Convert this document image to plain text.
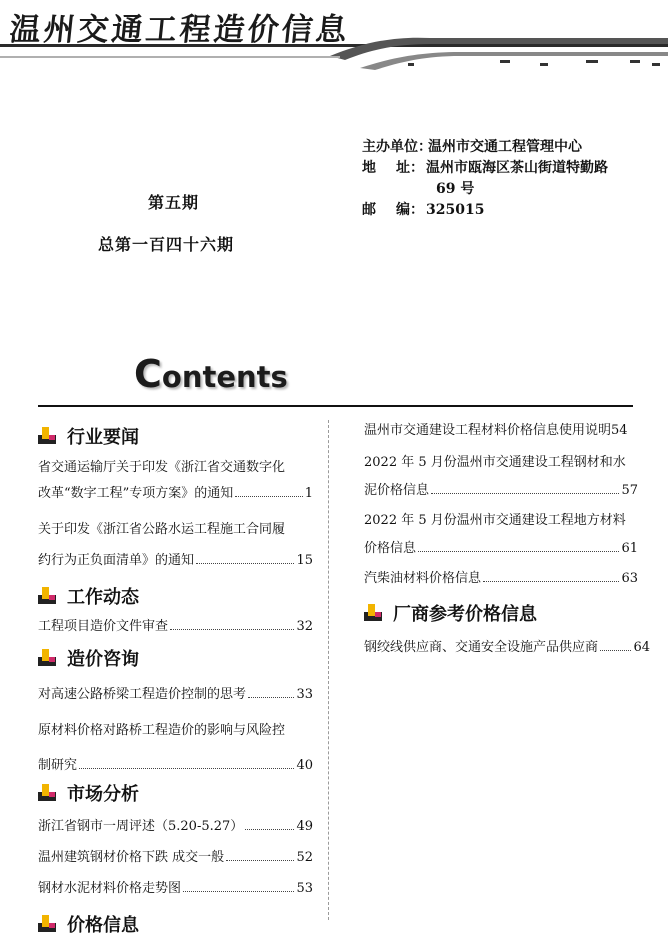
温州交通工程造价信息
第五期
总第一百四十六期
主办单位：
温州市交通工程管理中心
地 址： 温州市瓯海区茶山街道特勤路
69 号
邮 编： 325015
Contents
行业要闻
省交通运输厅关于印发《浙江省交通数字化
改革“数字工程”专项方案》的通知	1
关于印发《浙江省公路水运工程施工合同履
约行为正负面清单》的通知	15
工作动态
工程项目造价文件审查	32
造价咨询
对高速公路桥梁工程造价控制的思考	33
原材料价格对路桥工程造价的影响与风险控
制研究	40
市场分析
浙江省钢市一周评述（5.20-5.27）	49
温州建筑钢材价格下跌 成交一般	52
钢材水泥材料价格走势图	53
价格信息
温州市交通建设工程材料价格信息使用说明 54
2022 年 5 月份温州市交通建设工程钢材和水
泥价格信息	57
2022 年 5 月份温州市交通建设工程地方材料
价格信息	61
汽柴油材料价格信息	63
厂商参考价格信息
钢绞线供应商、交通安全设施产品供应商	64
